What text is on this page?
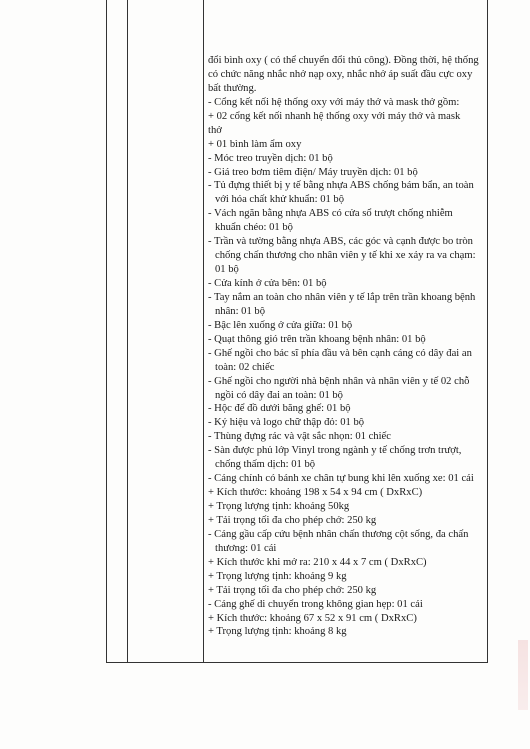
đổi bình oxy ( có thể chuyển đổi thủ công). Đồng thời, hệ thống
có chức năng nhắc nhở nạp oxy, nhắc nhở áp suất đầu cực oxy
bất thường.
- Cổng kết nối hệ thống oxy với máy thở và mask thở gồm:
+ 02 cổng kết nối nhanh hệ thống oxy với máy thở và mask
thở
+ 01 bình làm ẩm oxy
- Móc treo truyền dịch: 01 bộ
- Giá treo bơm tiêm điện/ Máy truyền dịch: 01 bộ
- Tủ đựng thiết bị y tế bằng nhựa ABS chống bám bẩn, an toàn
với hóa chất khử khuẩn: 01 bộ
- Vách ngăn bằng nhựa ABS có cửa sổ trượt chống nhiễm
khuẩn chéo: 01 bộ
- Trần và tường bằng nhựa ABS, các góc và cạnh được bo tròn
chống chấn thương cho nhân viên y tế khi xe xảy ra va chạm:
01 bộ
- Cửa kính ở cửa bên: 01 bộ
- Tay nắm an toàn cho nhân viên y tế lắp trên trần khoang bệnh
nhân: 01 bộ
- Bậc lên xuống ở cửa giữa: 01 bộ
- Quạt thông gió trên trần khoang bệnh nhân: 01 bộ
- Ghế ngồi cho bác sĩ phía đầu và bên cạnh cáng có dây đai an
toàn: 02 chiếc
- Ghế ngồi cho người nhà bệnh nhân và nhân viên y tế 02 chỗ
ngồi có dây đai an toàn: 01 bộ
- Hộc để đồ dưới băng ghế: 01 bộ
- Ký hiệu và logo chữ thập đỏ: 01 bộ
- Thùng đựng rác và vật sắc nhọn: 01 chiếc
- Sàn được phủ lớp Vinyl trong ngành y tế chống trơn trượt,
chống thấm dịch: 01 bộ
- Cáng chính có bánh xe chân tự bung khi lên xuống xe: 01 cái
+ Kích thước: khoảng 198 x 54 x 94 cm ( DxRxC)
+ Trọng lượng tịnh: khoảng 50kg
+ Tải trọng tối đa cho phép chở: 250 kg
- Cáng gầu cấp cứu bệnh nhân chấn thương cột sống, đa chấn
thương: 01 cái
+ Kích thước khi mở ra: 210 x 44 x 7 cm ( DxRxC)
+ Trọng lượng tịnh: khoảng 9 kg
+ Tải trọng tối đa cho phép chở: 250 kg
- Cáng ghế di chuyển trong không gian hẹp: 01 cái
+ Kích thước: khoảng 67 x 52 x 91 cm ( DxRxC)
+ Trọng lượng tịnh: khoảng 8 kg
